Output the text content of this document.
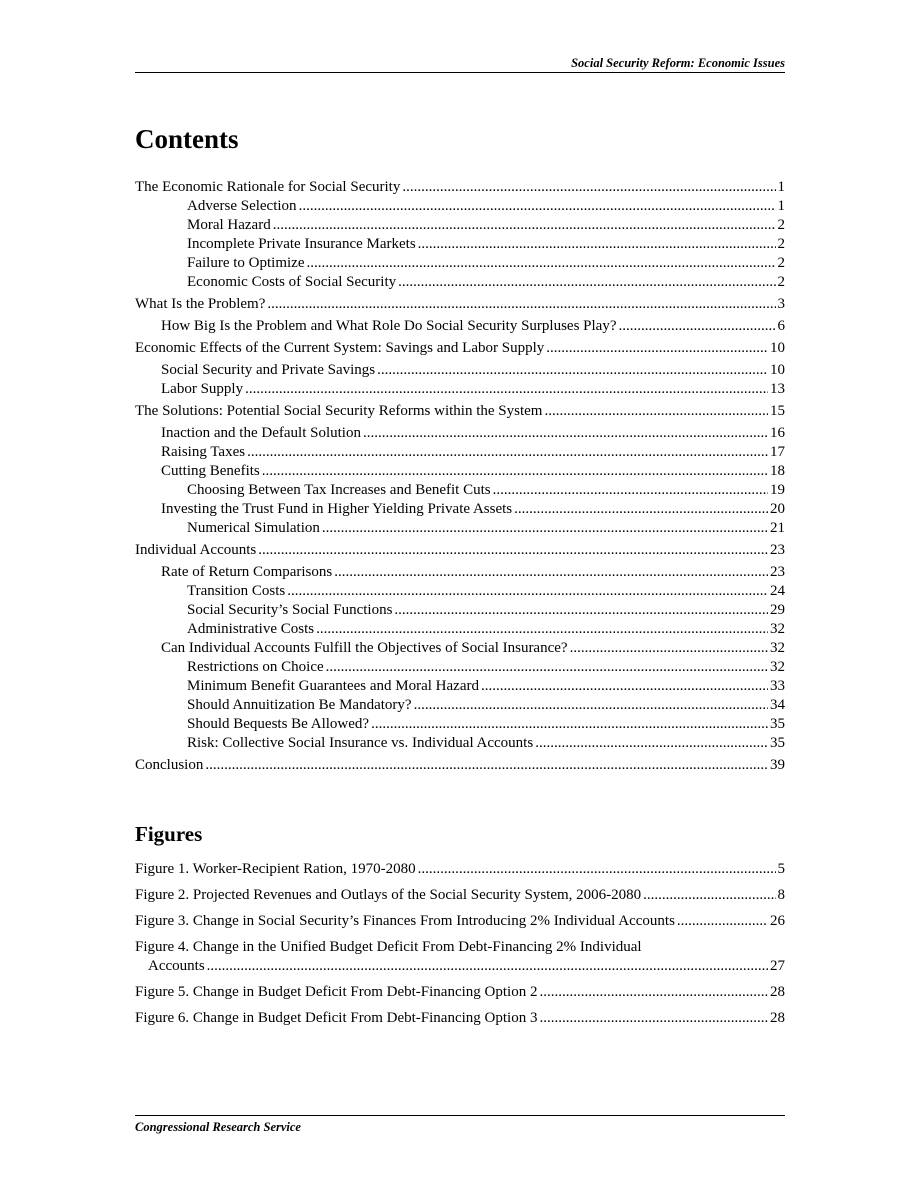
Social Security Reform: Economic Issues
Contents
The Economic Rationale for Social Security .....	1
Adverse Selection .....	1
Moral Hazard .....	2
Incomplete Private Insurance Markets .....	2
Failure to Optimize .....	2
Economic Costs of Social Security .....	2
What Is the Problem? .....	3
How Big Is the Problem and What Role Do Social Security Surpluses Play? .....	6
Economic Effects of the Current System: Savings and Labor Supply .....	10
Social Security and Private Savings .....	10
Labor Supply .....	13
The Solutions: Potential Social Security Reforms within the System .....	15
Inaction and the Default Solution .....	16
Raising Taxes .....	17
Cutting Benefits .....	18
Choosing Between Tax Increases and Benefit Cuts .....	19
Investing the Trust Fund in Higher Yielding Private Assets .....	20
Numerical Simulation .....	21
Individual Accounts .....	23
Rate of Return Comparisons .....	23
Transition Costs .....	24
Social Security’s Social Functions .....	29
Administrative Costs .....	32
Can Individual Accounts Fulfill the Objectives of Social Insurance? .....	32
Restrictions on Choice .....	32
Minimum Benefit Guarantees and Moral Hazard .....	33
Should Annuitization Be Mandatory? .....	34
Should Bequests Be Allowed? .....	35
Risk: Collective Social Insurance vs. Individual Accounts .....	35
Conclusion .....	39
Figures
Figure 1. Worker-Recipient Ration, 1970-2080 .....	5
Figure 2. Projected Revenues and Outlays of the Social Security System, 2006-2080 .....	8
Figure 3. Change in Social Security’s Finances From Introducing 2% Individual Accounts .....	26
Figure 4. Change in the Unified Budget Deficit From Debt-Financing 2% Individual
Accounts .....	27
Figure 5. Change in Budget Deficit From Debt-Financing Option 2 .....	28
Figure 6. Change in Budget Deficit From Debt-Financing Option 3 .....	28
Congressional Research Service
